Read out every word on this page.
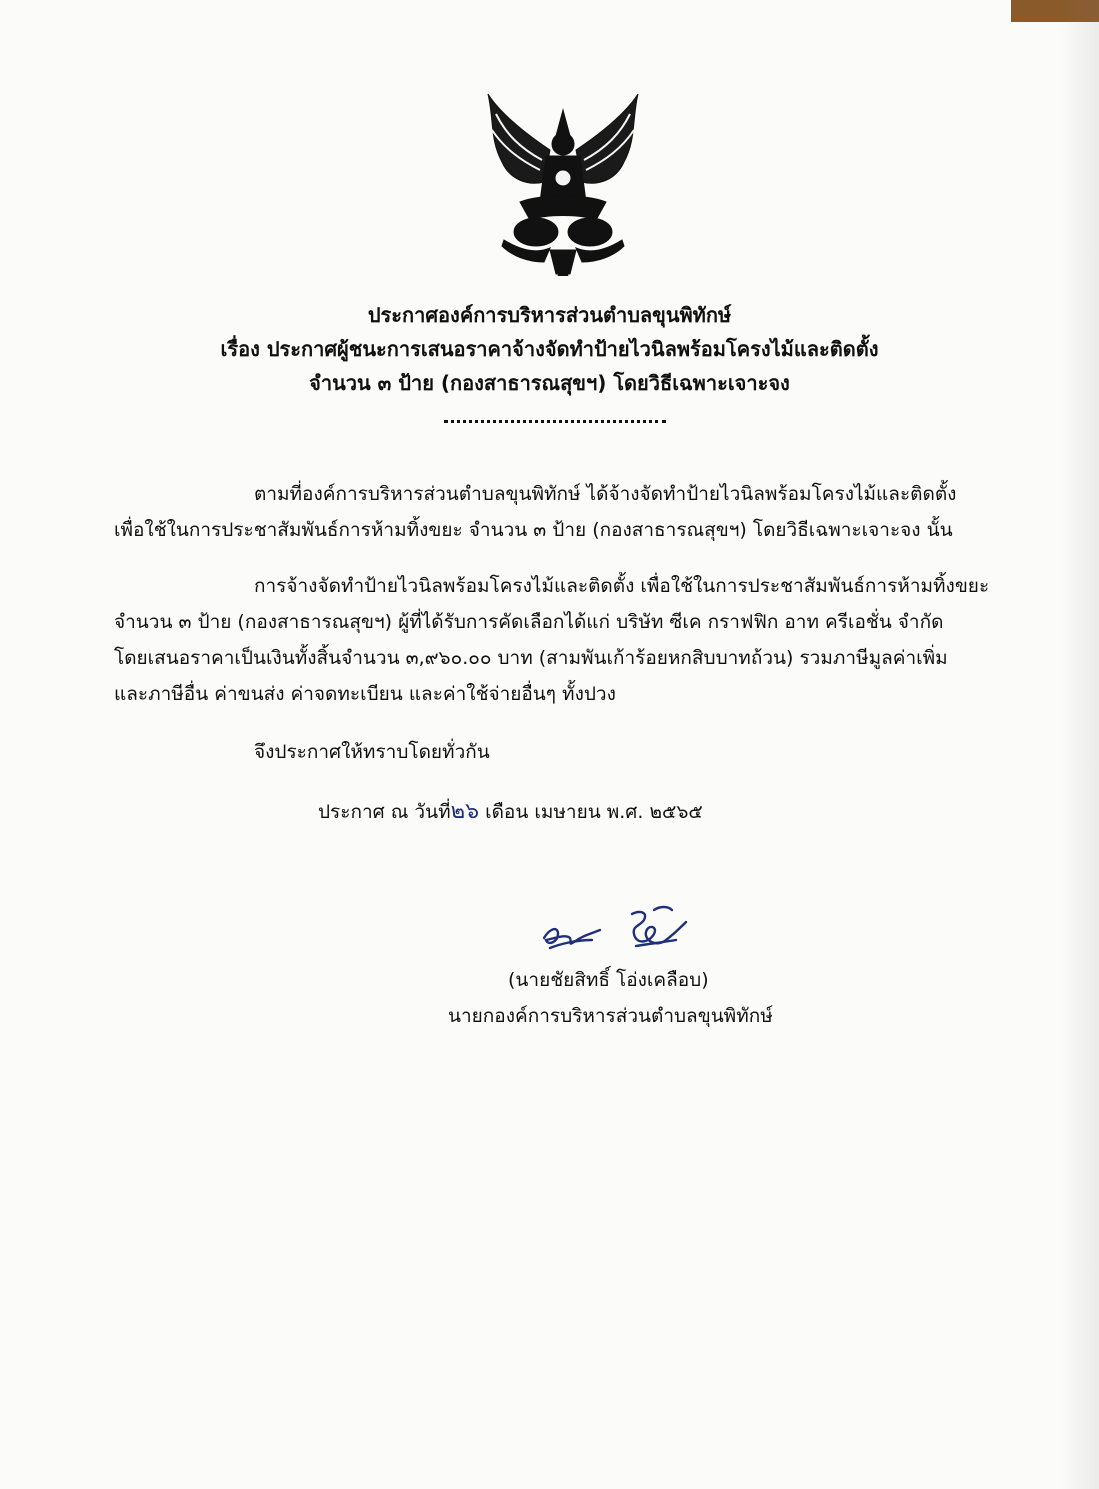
ประกาศองค์การบริหารส่วนตำบลขุนพิทักษ์
เรื่อง ประกาศผู้ชนะการเสนอราคาจ้างจัดทำป้ายไวนิลพร้อมโครงไม้และติดตั้ง
จำนวน ๓ ป้าย (กองสาธารณสุขฯ) โดยวิธีเฉพาะเจาะจง
ตามที่องค์การบริหารส่วนตำบลขุนพิทักษ์ ได้จ้างจัดทำป้ายไวนิลพร้อมโครงไม้และติดตั้ง
เพื่อใช้ในการประชาสัมพันธ์การห้ามทิ้งขยะ จำนวน ๓ ป้าย (กองสาธารณสุขฯ) โดยวิธีเฉพาะเจาะจง นั้น
การจ้างจัดทำป้ายไวนิลพร้อมโครงไม้และติดตั้ง เพื่อใช้ในการประชาสัมพันธ์การห้ามทิ้งขยะ
จำนวน ๓ ป้าย (กองสาธารณสุขฯ) ผู้ที่ได้รับการคัดเลือกได้แก่ บริษัท ซีเค กราฟฟิก อาท ครีเอชั่น จำกัด
โดยเสนอราคาเป็นเงินทั้งสิ้นจำนวน ๓,๙๖๐.๐๐ บาท (สามพันเก้าร้อยหกสิบบาทถ้วน) รวมภาษีมูลค่าเพิ่ม
และภาษีอื่น ค่าขนส่ง ค่าจดทะเบียน และค่าใช้จ่ายอื่นๆ ทั้งปวง
จึงประกาศให้ทราบโดยทั่วกัน
ประกาศ ณ วันที่๒๖ เดือน เมษายน พ.ศ. ๒๕๖๕
(นายชัยสิทธิ์ โอ่งเคลือบ)
นายกองค์การบริหารส่วนตำบลขุนพิทักษ์
